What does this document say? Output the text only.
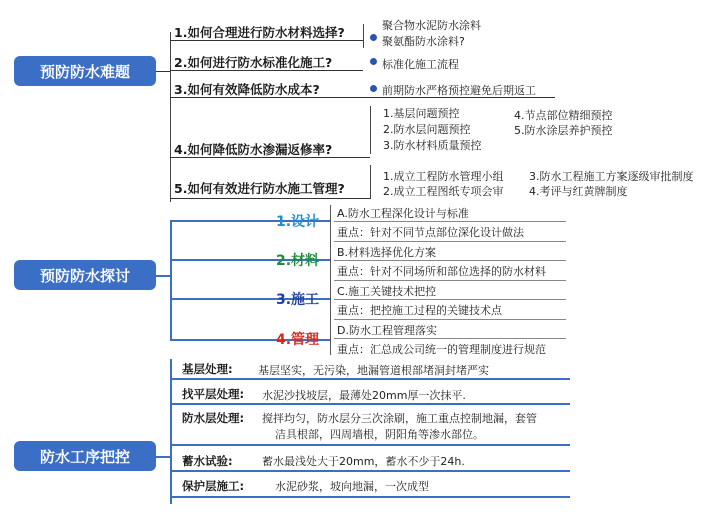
预防防水难题
1.如何合理进行防水材料选择?	聚合物水泥防水涂料
聚氨酯防水涂料?
2.如何进行防水标准化施工?	标准化施工流程
3.如何有效降低防水成本?	前期防水严格预控避免后期返工
4.如何降低防水渗漏返修率?
1.基层问题预控
2.防水层问题预控
3.防水材料质量预控
4.节点部位精细预控
5.防水涂层养护预控
5.如何有效进行防水施工管理?
1.成立工程防水管理小组
2.成立工程图纸专项会审
3.防水工程施工方案逐级审批制度
4.考评与红黄牌制度
预防防水探讨
1.设计
2.材料
3.施工
4.管理
A.防水工程深化设计与标准
重点：针对不同节点部位深化设计做法
B.材料选择优化方案
重点：针对不同场所和部位选择的防水材料
C.施工关键技术把控
重点：把控施工过程的关键技术点
D.防水工程管理落实
重点：汇总成公司统一的管理制度进行规范
防水工序把控
基层处理: 基层坚实，无污染，地漏管道根部堵洞封堵严实
找平层处理: 水泥沙找坡层，最薄处20mm厚一次抹平.
防水层处理: 搅拌均匀，防水层分三次涂刷，施工重点控制地漏，套管
洁具根部，四周墙根，阴阳角等渗水部位。
蓄水试验:	蓄水最浅处大于20mm，蓄水不少于24h.
保护层施工:	水泥砂浆，坡向地漏，一次成型
